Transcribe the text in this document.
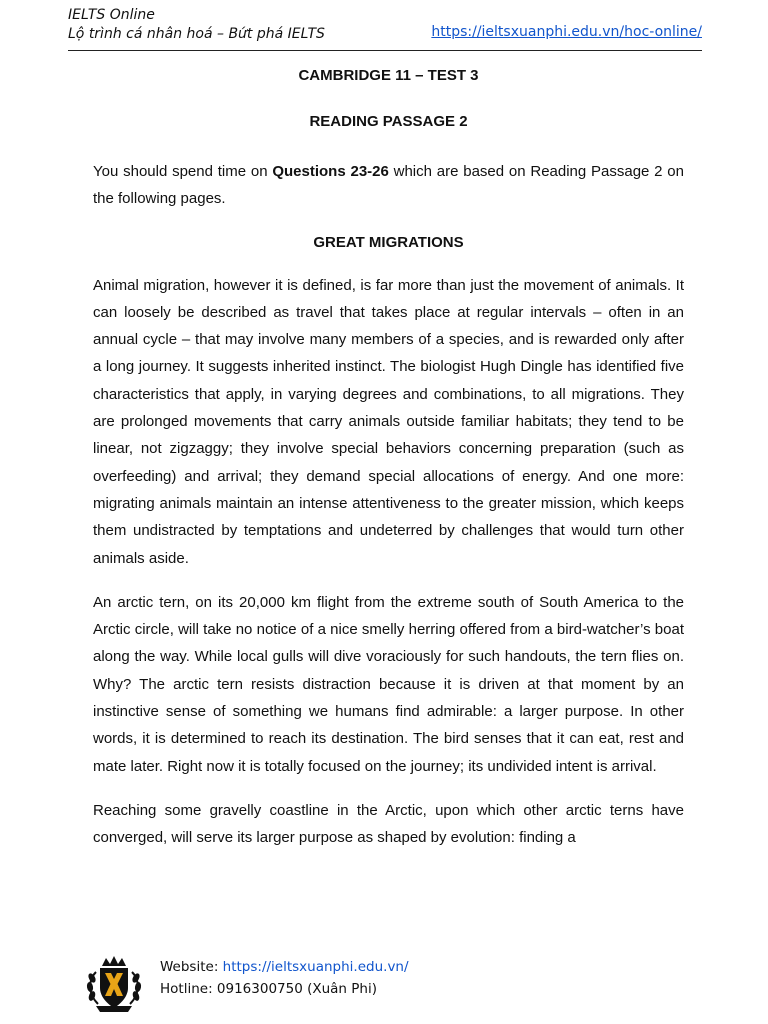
IELTS Online
Lộ trình cá nhân hoá – Bứt phá IELTS	https://ieltsxuanphi.edu.vn/hoc-online/
CAMBRIDGE 11 – TEST 3
READING PASSAGE 2

You should spend time on Questions 23-26 which are based on Reading Passage 2 on the following pages.

GREAT MIGRATIONS

Animal migration, however it is defined, is far more than just the movement of animals. It can loosely be described as travel that takes place at regular intervals – often in an annual cycle – that may involve many members of a species, and is rewarded only after a long journey. It suggests inherited instinct. The biologist Hugh Dingle has identified five characteristics that apply, in varying degrees and combinations, to all migrations. They are prolonged movements that carry animals outside familiar habitats; they tend to be linear, not zigzaggy; they involve special behaviors concerning preparation (such as overfeeding) and arrival; they demand special allocations of energy. And one more: migrating animals maintain an intense attentiveness to the greater mission, which keeps them undistracted by temptations and undeterred by challenges that would turn other animals aside.

An arctic tern, on its 20,000 km flight from the extreme south of South America to the Arctic circle, will take no notice of a nice smelly herring offered from a bird-watcher’s boat along the way. While local gulls will dive voraciously for such handouts, the tern flies on. Why? The arctic tern resists distraction because it is driven at that moment by an instinctive sense of something we humans find admirable: a larger purpose. In other words, it is determined to reach its destination. The bird senses that it can eat, rest and mate later. Right now it is totally focused on the journey; its undivided intent is arrival.

Reaching some gravelly coastline in the Arctic, upon which other arctic terns have converged, will serve its larger purpose as shaped by evolution: finding a

Website: https://ieltsxuanphi.edu.vn/
Hotline: 0916300750 (Xuân Phi)
